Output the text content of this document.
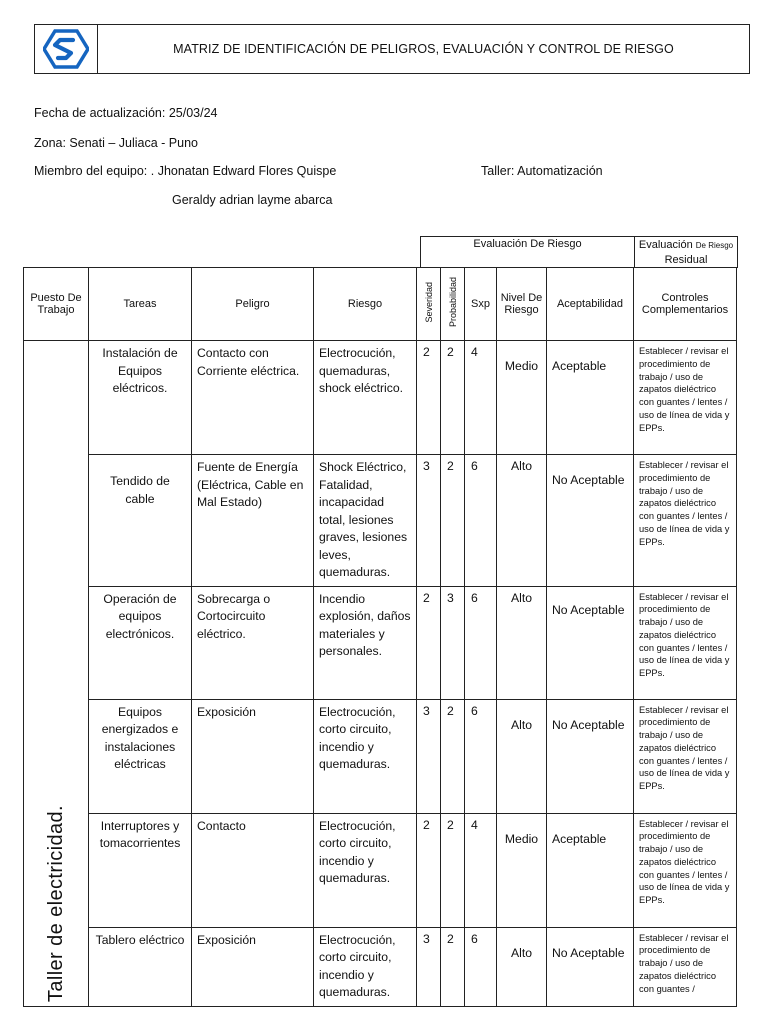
MATRIZ DE IDENTIFICACIÓN DE PELIGROS, EVALUACIÓN Y CONTROL DE RIESGO
Fecha de actualización: 25/03/24
Zona: Senati – Juliaca - Puno
Miembro del equipo: . Jhonatan Edward Flores Quispe	Taller: Automatización
Geraldy adrian layme abarca
Evaluación De Riesgo	Evaluación De Riesgo
Residual
Puesto De Trabajo	Tareas	Peligro	Riesgo	Severidad	Probabilidad	Sxp	Nivel De Riesgo	Aceptabilidad	Controles Complementarios
Taller de electricidad.	Instalación de Equipos eléctricos.	Contacto con Corriente eléctrica.	Electrocución, quemaduras, shock eléctrico.	2	2	4	Medio	Aceptable	Establecer / revisar el procedimiento de trabajo / uso de zapatos dieléctrico con guantes / lentes / uso de línea de vida y EPPs.
	Tendido de cable	Fuente de Energía (Eléctrica, Cable en Mal Estado)	Shock Eléctrico, Fatalidad, incapacidad total, lesiones graves, lesiones leves, quemaduras.	3	2	6	Alto	No Aceptable	Establecer / revisar el procedimiento de trabajo / uso de zapatos dieléctrico con guantes / lentes / uso de línea de vida y EPPs.
	Operación de equipos electrónicos.	Sobrecarga o Cortocircuito eléctrico.	Incendio explosión, daños materiales y personales.	2	3	6	Alto	No Aceptable	Establecer / revisar el procedimiento de trabajo / uso de zapatos dieléctrico con guantes / lentes / uso de línea de vida y EPPs.
	Equipos energizados e instalaciones eléctricas	Exposición	Electrocución, corto circuito, incendio y quemaduras.	3	2	6	Alto	No Aceptable	Establecer / revisar el procedimiento de trabajo / uso de zapatos dieléctrico con guantes / lentes / uso de línea de vida y EPPs.
	Interruptores y tomacorrientes	Contacto	Electrocución, corto circuito, incendio y quemaduras.	2	2	4	Medio	Aceptable	Establecer / revisar el procedimiento de trabajo / uso de zapatos dieléctrico con guantes / lentes / uso de línea de vida y EPPs.
	Tablero eléctrico	Exposición	Electrocución, corto circuito, incendio y quemaduras.	3	2	6	Alto	No Aceptable	Establecer / revisar el procedimiento de trabajo / uso de zapatos dieléctrico con guantes /
